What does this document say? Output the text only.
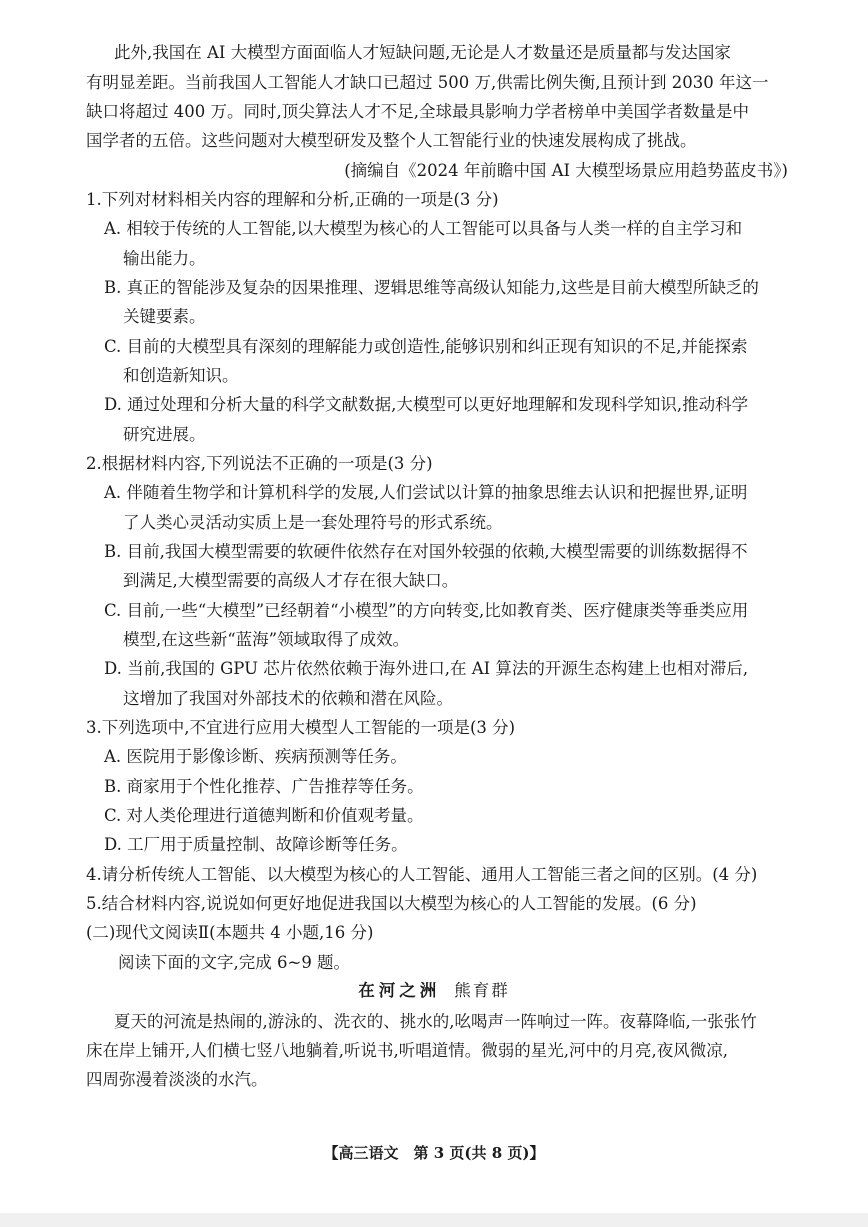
此外,我国在 AI 大模型方面面临人才短缺问题,无论是人才数量还是质量都与发达国家
有明显差距。当前我国人工智能人才缺口已超过 500 万,供需比例失衡,且预计到 2030 年这一
缺口将超过 400 万。同时,顶尖算法人才不足,全球最具影响力学者榜单中美国学者数量是中
国学者的五倍。这些问题对大模型研发及整个人工智能行业的快速发展构成了挑战。
(摘编自《2024 年前瞻中国 AI 大模型场景应用趋势蓝皮书》)
1.下列对材料相关内容的理解和分析,正确的一项是(3 分)
A. 相较于传统的人工智能,以大模型为核心的人工智能可以具备与人类一样的自主学习和
输出能力。
B. 真正的智能涉及复杂的因果推理、逻辑思维等高级认知能力,这些是目前大模型所缺乏的
关键要素。
C. 目前的大模型具有深刻的理解能力或创造性,能够识别和纠正现有知识的不足,并能探索
和创造新知识。
D. 通过处理和分析大量的科学文献数据,大模型可以更好地理解和发现科学知识,推动科学
研究进展。
2.根据材料内容,下列说法不正确的一项是(3 分)
A. 伴随着生物学和计算机科学的发展,人们尝试以计算的抽象思维去认识和把握世界,证明
了人类心灵活动实质上是一套处理符号的形式系统。
B. 目前,我国大模型需要的软硬件依然存在对国外较强的依赖,大模型需要的训练数据得不
到满足,大模型需要的高级人才存在很大缺口。
C. 目前,一些“大模型”已经朝着“小模型”的方向转变,比如教育类、医疗健康类等垂类应用
模型,在这些新“蓝海”领域取得了成效。
D. 当前,我国的 GPU 芯片依然依赖于海外进口,在 AI 算法的开源生态构建上也相对滞后,
这增加了我国对外部技术的依赖和潜在风险。
3.下列选项中,不宜进行应用大模型人工智能的一项是(3 分)
A. 医院用于影像诊断、疾病预测等任务。
B. 商家用于个性化推荐、广告推荐等任务。
C. 对人类伦理进行道德判断和价值观考量。
D. 工厂用于质量控制、故障诊断等任务。
4.请分析传统人工智能、以大模型为核心的人工智能、通用人工智能三者之间的区别。(4 分)
5.结合材料内容,说说如何更好地促进我国以大模型为核心的人工智能的发展。(6 分)
(二)现代文阅读Ⅱ(本题共 4 小题,16 分)
阅读下面的文字,完成 6~9 题。
在河之洲 熊育群
夏天的河流是热闹的,游泳的、洗衣的、挑水的,吆喝声一阵响过一阵。夜幕降临,一张张竹
床在岸上铺开,人们横七竖八地躺着,听说书,听唱道情。微弱的星光,河中的月亮,夜风微凉,
四周弥漫着淡淡的水汽。
【高三语文　第 3 页(共 8 页)】
